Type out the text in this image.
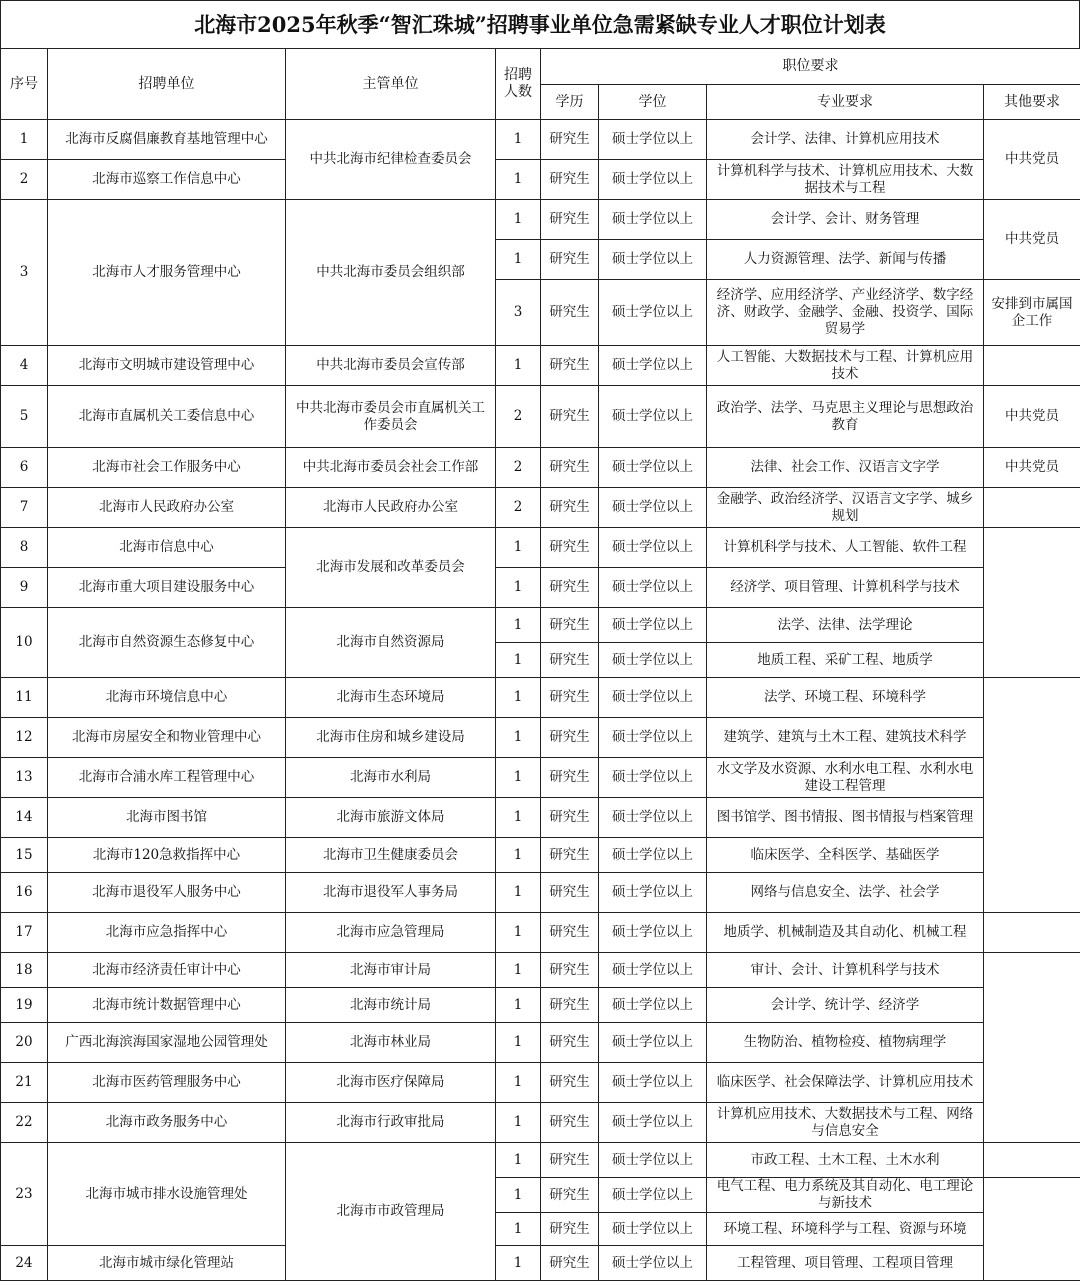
北海市2025年秋季“智汇珠城”招聘事业单位急需紧缺专业人才职位计划表
序号	招聘单位	主管单位	招聘人数	职位要求			
				学历	学位	专业要求	其他要求
1	北海市反腐倡廉教育基地管理中心	中共北海市纪律检查委员会	1	研究生	硕士学位以上	会计学、法律、计算机应用技术	中共党员
2	北海市巡察工作信息中心		1	研究生	硕士学位以上	计算机科学与技术、计算机应用技术、大数据技术与工程	
3	北海市人才服务管理中心	中共北海市委员会组织部	1	研究生	硕士学位以上	会计学、会计、财务管理	中共党员
			1	研究生	硕士学位以上	人力资源管理、法学、新闻与传播	
			3	研究生	硕士学位以上	经济学、应用经济学、产业经济学、数字经济、财政学、金融学、金融、投资学、国际贸易学	安排到市属国企工作
4	北海市文明城市建设管理中心	中共北海市委员会宣传部	1	研究生	硕士学位以上	人工智能、大数据技术与工程、计算机应用技术	
5	北海市直属机关工委信息中心	中共北海市委员会市直属机关工作委员会	2	研究生	硕士学位以上	政治学、法学、马克思主义理论与思想政治教育	中共党员
6	北海市社会工作服务中心	中共北海市委员会社会工作部	2	研究生	硕士学位以上	法律、社会工作、汉语言文字学	中共党员
7	北海市人民政府办公室	北海市人民政府办公室	2	研究生	硕士学位以上	金融学、政治经济学、汉语言文字学、城乡规划	
8	北海市信息中心	北海市发展和改革委员会	1	研究生	硕士学位以上	计算机科学与技术、人工智能、软件工程	
9	北海市重大项目建设服务中心		1	研究生	硕士学位以上	经济学、项目管理、计算机科学与技术	
10	北海市自然资源生态修复中心	北海市自然资源局	1	研究生	硕士学位以上	法学、法律、法学理论	
			1	研究生	硕士学位以上	地质工程、采矿工程、地质学	
11	北海市环境信息中心	北海市生态环境局	1	研究生	硕士学位以上	法学、环境工程、环境科学	
12	北海市房屋安全和物业管理中心	北海市住房和城乡建设局	1	研究生	硕士学位以上	建筑学、建筑与土木工程、建筑技术科学	
13	北海市合浦水库工程管理中心	北海市水利局	1	研究生	硕士学位以上	水文学及水资源、水利水电工程、水利水电建设工程管理	
14	北海市图书馆	北海市旅游文体局	1	研究生	硕士学位以上	图书馆学、图书情报、图书情报与档案管理	
15	北海市120急救指挥中心	北海市卫生健康委员会	1	研究生	硕士学位以上	临床医学、全科医学、基础医学	
16	北海市退役军人服务中心	北海市退役军人事务局	1	研究生	硕士学位以上	网络与信息安全、法学、社会学	
17	北海市应急指挥中心	北海市应急管理局	1	研究生	硕士学位以上	地质学、机械制造及其自动化、机械工程	
18	北海市经济责任审计中心	北海市审计局	1	研究生	硕士学位以上	审计、会计、计算机科学与技术	
19	北海市统计数据管理中心	北海市统计局	1	研究生	硕士学位以上	会计学、统计学、经济学	
20	广西北海滨海国家湿地公园管理处	北海市林业局	1	研究生	硕士学位以上	生物防治、植物检疫、植物病理学	
21	北海市医药管理服务中心	北海市医疗保障局	1	研究生	硕士学位以上	临床医学、社会保障法学、计算机应用技术	
22	北海市政务服务中心	北海市行政审批局	1	研究生	硕士学位以上	计算机应用技术、大数据技术与工程、网络与信息安全	
23	北海市城市排水设施管理处	北海市市政管理局	1	研究生	硕士学位以上	市政工程、土木工程、土木水利	
			1	研究生	硕士学位以上	电气工程、电力系统及其自动化、电工理论与新技术	
			1	研究生	硕士学位以上	环境工程、环境科学与工程、资源与环境	
24	北海市城市绿化管理站		1	研究生	硕士学位以上	工程管理、项目管理、工程项目管理	
